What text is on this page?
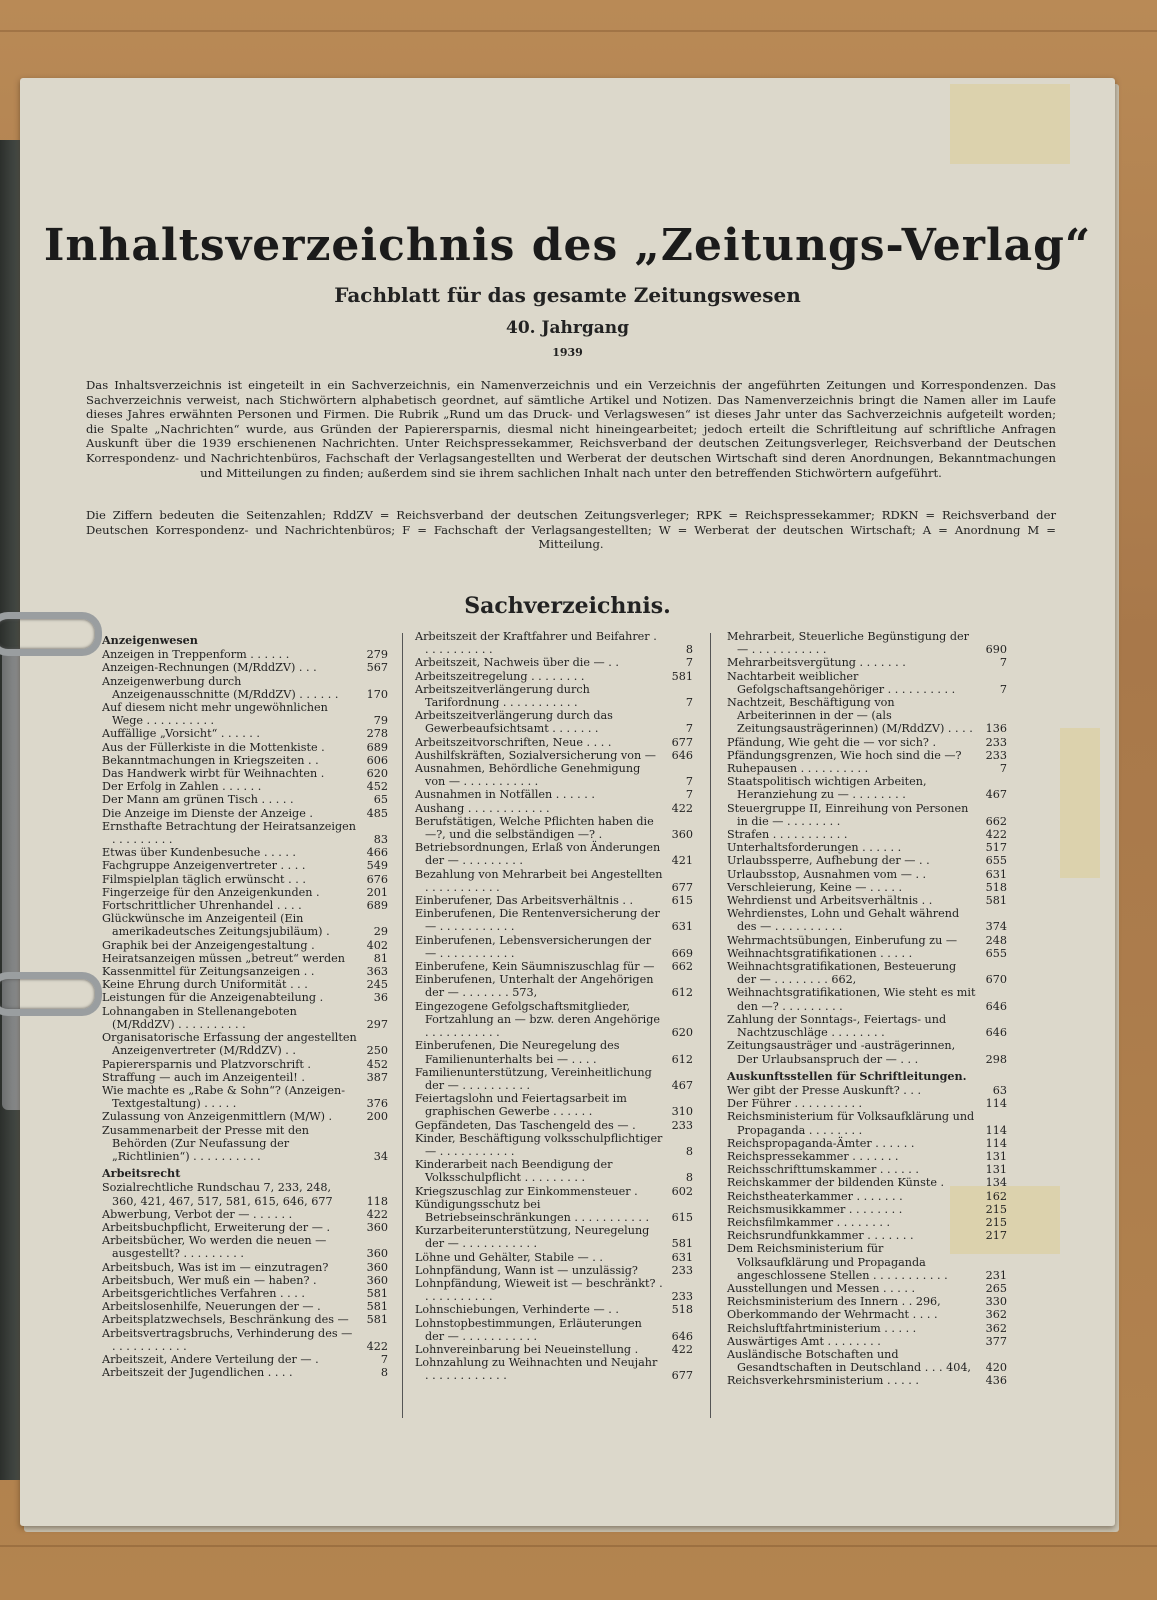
Inhaltsverzeichnis des „Zeitungs-Verlag“
Fachblatt für das gesamte Zeitungswesen
40. Jahrgang
1939
Das Inhaltsverzeichnis ist eingeteilt in ein Sachverzeichnis, ein Namenverzeichnis und ein Verzeichnis der angeführten Zeitungen und Korrespondenzen. Das Sachverzeichnis verweist, nach Stichwörtern alphabetisch geordnet, auf sämtliche Artikel und Notizen. Das Namenverzeichnis bringt die Namen aller im Laufe dieses Jahres erwähnten Personen und Firmen. Die Rubrik „Rund um das Druck- und Verlagswesen“ ist dieses Jahr unter das Sachverzeichnis aufgeteilt worden; die Spalte „Nachrichten“ wurde, aus Gründen der Papierersparnis, diesmal nicht hineingearbeitet; jedoch erteilt die Schriftleitung auf schriftliche Anfragen Auskunft über die 1939 erschienenen Nachrichten. Unter Reichspressekammer, Reichsverband der deutschen Zeitungsverleger, Reichsverband der Deutschen Korrespondenz- und Nachrichtenbüros, Fachschaft der Verlagsangestellten und Werberat der deutschen Wirtschaft sind deren Anordnungen, Bekanntmachungen und Mitteilungen zu finden; außerdem sind sie ihrem sachlichen Inhalt nach unter den betreffenden Stichwörtern aufgeführt.
Die Ziffern bedeuten die Seitenzahlen; RddZV = Reichsverband der deutschen Zeitungsverleger; RPK = Reichspressekammer; RDKN = Reichsverband der Deutschen Korrespondenz- und Nachrichtenbüros; F = Fachschaft der Verlagsangestellten; W = Werberat der deutschen Wirtschaft; A = Anordnung M = Mitteilung.
Sachverzeichnis.
Anzeigenwesen
Anzeigen in Treppenform . . . . . .	279
Anzeigen-Rechnungen (M/RddZV) . . .	567
Anzeigenwerbung durch Anzeigenausschnitte (M/RddZV) . . . . . .	170
Auf diesem nicht mehr ungewöhnlichen Wege . . . . . . . . . .	79
Auffällige „Vorsicht“ . . . . . .	278
Aus der Füllerkiste in die Mottenkiste .	689
Bekanntmachungen in Kriegszeiten . .	606
Das Handwerk wirbt für Weihnachten .	620
Der Erfolg in Zahlen . . . . . .	452
Der Mann am grünen Tisch . . . . .	65
Die Anzeige im Dienste der Anzeige .	485
Ernsthafte Betrachtung der Heiratsanzeigen . . . . . . . . .	83
Etwas über Kundenbesuche . . . . .	466
Fachgruppe Anzeigenvertreter . . . .	549
Filmspielplan täglich erwünscht . . .	676
Fingerzeige für den Anzeigenkunden .	201
Fortschrittlicher Uhrenhandel . . . .	689
Glückwünsche im Anzeigenteil (Ein amerikadeutsches Zeitungsjubiläum) .	29
Graphik bei der Anzeigengestaltung .	402
Heiratsanzeigen müssen „betreut“ werden	81
Kassenmittel für Zeitungsanzeigen . .	363
Keine Ehrung durch Uniformität . . .	245
Leistungen für die Anzeigenabteilung .	36
Lohnangaben in Stellenangeboten (M/RddZV) . . . . . . . . . .	297
Organisatorische Erfassung der angestellten Anzeigenvertreter (M/RddZV) . .	250
Papierersparnis und Platzvorschrift .	452
Straffung — auch im Anzeigenteil! .	387
Wie machte es „Rabe & Sohn“? (Anzeigen-Textgestaltung) . . . . .	376
Zulassung von Anzeigenmittlern (M/W) .	200
Zusammenarbeit der Presse mit den Behörden (Zur Neufassung der „Richtlinien“) . . . . . . . . . .	34
Arbeitsrecht
Sozialrechtliche Rundschau 7, 233, 248, 360, 421, 467, 517, 581, 615, 646, 677	118
Abwerbung, Verbot der — . . . . . .	422
Arbeitsbuchpflicht, Erweiterung der — .	360
Arbeitsbücher, Wo werden die neuen — ausgestellt? . . . . . . . . .	360
Arbeitsbuch, Was ist im — einzutragen?	360
Arbeitsbuch, Wer muß ein — haben? .	360
Arbeitsgerichtliches Verfahren . . . .	581
Arbeitslosenhilfe, Neuerungen der — .	581
Arbeitsplatzwechsels, Beschränkung des —	581
Arbeitsvertragsbruchs, Verhinderung des — . . . . . . . . . . .	422
Arbeitszeit, Andere Verteilung der — .	7
Arbeitszeit der Jugendlichen . . . .	8
Arbeitszeit der Kraftfahrer und Beifahrer . . . . . . . . . . .	8
Arbeitszeit, Nachweis über die — . .	7
Arbeitszeitregelung . . . . . . . .	581
Arbeitszeitverlängerung durch Tarifordnung . . . . . . . . . . .	7
Arbeitszeitverlängerung durch das Gewerbeaufsichtsamt . . . . . . .	7
Arbeitszeitvorschriften, Neue . . . .	677
Aushilfskräften, Sozialversicherung von —	646
Ausnahmen, Behördliche Genehmigung von — . . . . . . . . . . .	7
Ausnahmen in Notfällen . . . . . .	7
Aushang . . . . . . . . . . . .	422
Berufstätigen, Welche Pflichten haben die —?, und die selbständigen —? .	360
Betriebsordnungen, Erlaß von Änderungen der — . . . . . . . . .	421
Bezahlung von Mehrarbeit bei Angestellten . . . . . . . . . . .	677
Einberufener, Das Arbeitsverhältnis . .	615
Einberufenen, Die Rentenversicherung der — . . . . . . . . . . .	631
Einberufenen, Lebensversicherungen der — . . . . . . . . . . .	669
Einberufene, Kein Säumniszuschlag für —	662
Einberufenen, Unterhalt der Angehörigen der — . . . . . . . 573,	612
Eingezogene Gefolgschaftsmitglieder, Fortzahlung an — bzw. deren Angehörige . . . . . . . . . . .	620
Einberufenen, Die Neuregelung des Familienunterhalts bei — . . . .	612
Familienunterstützung, Vereinheitlichung der — . . . . . . . . . .	467
Feiertagslohn und Feiertagsarbeit im graphischen Gewerbe . . . . . .	310
Gepfändeten, Das Taschengeld des — .	233
Kinder, Beschäftigung volksschulpflichtiger — . . . . . . . . . . .	8
Kinderarbeit nach Beendigung der Volksschulpflicht . . . . . . . . .	8
Kriegszuschlag zur Einkommensteuer .	602
Kündigungsschutz bei Betriebseinschränkungen . . . . . . . . . . .	615
Kurzarbeiterunterstützung, Neuregelung der — . . . . . . . . . . .	581
Löhne und Gehälter, Stabile — . .	631
Lohnpfändung, Wann ist — unzulässig?	233
Lohnpfändung, Wieweit ist — beschränkt? . . . . . . . . . . .	233
Lohnschiebungen, Verhinderte — . .	518
Lohnstopbestimmungen, Erläuterungen der — . . . . . . . . . . .	646
Lohnvereinbarung bei Neueinstellung .	422
Lohnzahlung zu Weihnachten und Neujahr . . . . . . . . . . . .	677
Mehrarbeit, Steuerliche Begünstigung der — . . . . . . . . . . .	690
Mehrarbeitsvergütung . . . . . . .	7
Nachtarbeit weiblicher Gefolgschaftsangehöriger . . . . . . . . . .	7
Nachtzeit, Beschäftigung von Arbeiterinnen in der — (als Zeitungsausträgerinnen) (M/RddZV) . . . .	136
Pfändung, Wie geht die — vor sich? .	233
Pfändungsgrenzen, Wie hoch sind die —?	233
Ruhepausen . . . . . . . . . .	7
Staatspolitisch wichtigen Arbeiten, Heranziehung zu — . . . . . . . .	467
Steuergruppe II, Einreihung von Personen in die — . . . . . . . .	662
Strafen . . . . . . . . . . .	422
Unterhaltsforderungen . . . . . .	517
Urlaubssperre, Aufhebung der — . .	655
Urlaubsstop, Ausnahmen vom — . .	631
Verschleierung, Keine — . . . . .	518
Wehrdienst und Arbeitsverhältnis . .	581
Wehrdienstes, Lohn und Gehalt während des — . . . . . . . . . .	374
Wehrmachtsübungen, Einberufung zu —	248
Weihnachtsgratifikationen . . . . .	655
Weihnachtsgratifikationen, Besteuerung der — . . . . . . . . 662,	670
Weihnachtsgratifikationen, Wie steht es mit den —? . . . . . . . . .	646
Zahlung der Sonntags-, Feiertags- und Nachtzuschläge . . . . . . . .	646
Zeitungsausträger und -austrägerinnen, Der Urlaubsanspruch der — . . .	298
Auskunftsstellen für Schriftleitungen.
Wer gibt der Presse Auskunft? . . .	63
Der Führer . . . . . . . . . .	114
Reichsministerium für Volksaufklärung und Propaganda . . . . . . . .	114
Reichspropaganda-Ämter . . . . . .	114
Reichspressekammer . . . . . . .	131
Reichsschrifttumskammer . . . . . .	131
Reichskammer der bildenden Künste .	134
Reichstheaterkammer . . . . . . .	162
Reichsmusikkammer . . . . . . . .	215
Reichsfilmkammer . . . . . . . .	215
Reichsrundfunkkammer . . . . . . .	217
Dem Reichsministerium für Volksaufklärung und Propaganda angeschlossene Stellen . . . . . . . . . . .	231
Ausstellungen und Messen . . . . .	265
Reichsministerium des Innern . . 296,	330
Oberkommando der Wehrmacht . . . .	362
Reichsluftfahrtministerium . . . . .	362
Auswärtiges Amt . . . . . . . .	377
Ausländische Botschaften und Gesandtschaften in Deutschland . . . 404,	420
Reichsverkehrsministerium . . . . .	436
